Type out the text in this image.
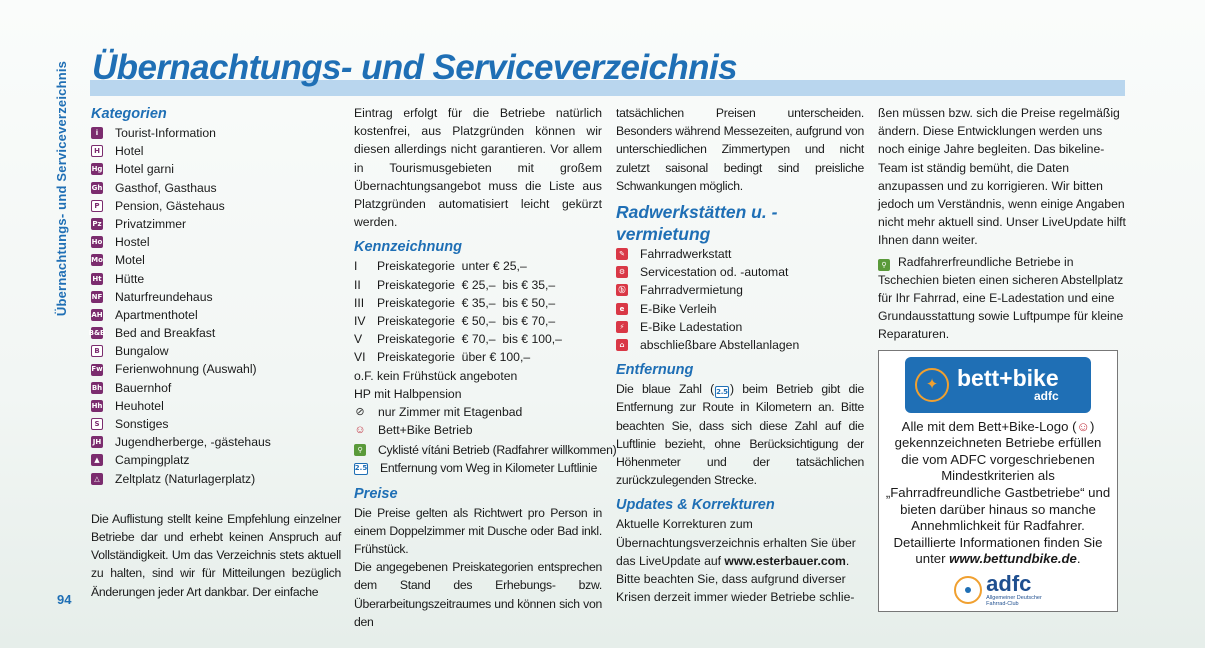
Übernachtungs- und Serviceverzeichnis Übernachtungs- und Serviceverzeichnis
Kategorien
i	Tourist-Information
H Hotel
Hg Hotel garni
Gh Gasthof, Gasthaus
P Pension, Gästehaus
Pz Privatzimmer
Ho Hostel
Mo Motel
Ht Hütte
NF Naturfreundehaus
AH Apartmenthotel
B&B Bed and Breakfast
B Bungalow
Fw Ferienwohnung (Auswahl)
Bh Bauernhof
Hh Heuhotel
S Sonstiges
JH Jugendherberge, -gästehaus
▲ Campingplatz
△ Zeltplatz (Naturlagerplatz)

Die Auflistung stellt keine Empfehlung einzelner Betriebe dar und erhebt keinen Anspruch auf Vollständigkeit. Um das Verzeichnis stets aktuell zu halten, sind wir für Mitteilungen bezüglich Änderungen jeder Art dankbar. Der einfache

Eintrag erfolgt für die Betriebe natürlich kostenfrei, aus Platzgründen können wir diesen allerdings nicht garantieren. Vor allem in Tourismusgebieten mit großem Übernachtungsangebot muss die Liste aus Platzgründen automatisiert leicht gekürzt werden.

Kennzeichnung
I	Preiskategorie  unter € 25,–
II	Preiskategorie  € 25,–  bis € 35,–
III	Preiskategorie  € 35,–  bis € 50,–
IV Preiskategorie  € 50,–  bis € 70,–
V	Preiskategorie  € 70,–  bis € 100,–
VI Preiskategorie  über € 100,–
o.F. kein Frühstück angeboten
HP mit Halbpension
⊘ nur Zimmer mit Etagenbad
☺ Bett+Bike Betrieb
⚲ Cyklisté vítáni Betrieb (Radfahrer willkommen)
2.5 Entfernung vom Weg in Kilometer Luftlinie
Preise

Die Preise gelten als Richtwert pro Person in einem Doppelzimmer mit Dusche oder Bad inkl. Frühstück.

Die angegebenen Preiskategorien entsprechen dem Stand des Erhebungs- bzw. Überarbeitungszeitraumes und können sich von den

tatsächlichen Preisen unterscheiden. Besonders während Messezeiten, aufgrund von unterschiedlichen Zimmertypen und nicht zuletzt saisonal bedingt sind preisliche Schwankungen möglich.

Radwerkstätten u. -vermietung
✎ Fahrradwerkstatt
⚙ Servicestation od. -automat
ⓑ Fahrradvermietung
e E-Bike Verleih
⚡ E-Bike Ladestation
⌂ abschließbare Abstellanlagen
Entfernung

Die blaue Zahl ( 2.5 ) beim Betrieb gibt die Entfernung zur Route in Kilometern an. Bitte beachten Sie, dass sich diese Zahl auf die Luftlinie bezieht, ohne Berücksichtigung der Höhenmeter und der tatsächlichen zurückzulegenden Strecke.

Updates & Korrekturen

Aktuelle Korrekturen zum Übernachtungsverzeichnis erhalten Sie über das LiveUpdate auf www.esterbauer.com.

Bitte beachten Sie, dass aufgrund diverser Krisen derzeit immer wieder Betriebe schlie-

ßen müssen bzw. sich die Preise regelmäßig ändern. Diese Entwicklungen werden uns noch einige Jahre begleiten. Das bikeline-Team ist ständig bemüht, die Daten anzupassen und zu korrigieren. Wir bitten jedoch um Verständnis, wenn einige Angaben nicht mehr aktuell sind. Unser LiveUpdate hilft Ihnen dann weiter.

⚲ Radfahrerfreundliche Betriebe in Tschechien bieten einen sicheren Abstellplatz für Ihr Fahrrad, eine E-Ladestation und eine Grundausstattung sowie Luftpumpe für kleine Reparaturen.

✦ bett+bike
adfc

Alle mit dem Bett+Bike-Logo (☺) gekennzeichneten Betriebe erfüllen die vom ADFC vorgeschriebenen Mindestkriterien als „Fahrradfreundliche Gastbetriebe“ und bieten darüber hinaus so manche Annehmlichkeit für Radfahrer. Detaillierte Informationen finden Sie unter www.bettundbike.de.

adfc
Allgemeiner Deutscher
Fahrrad-Club
94
